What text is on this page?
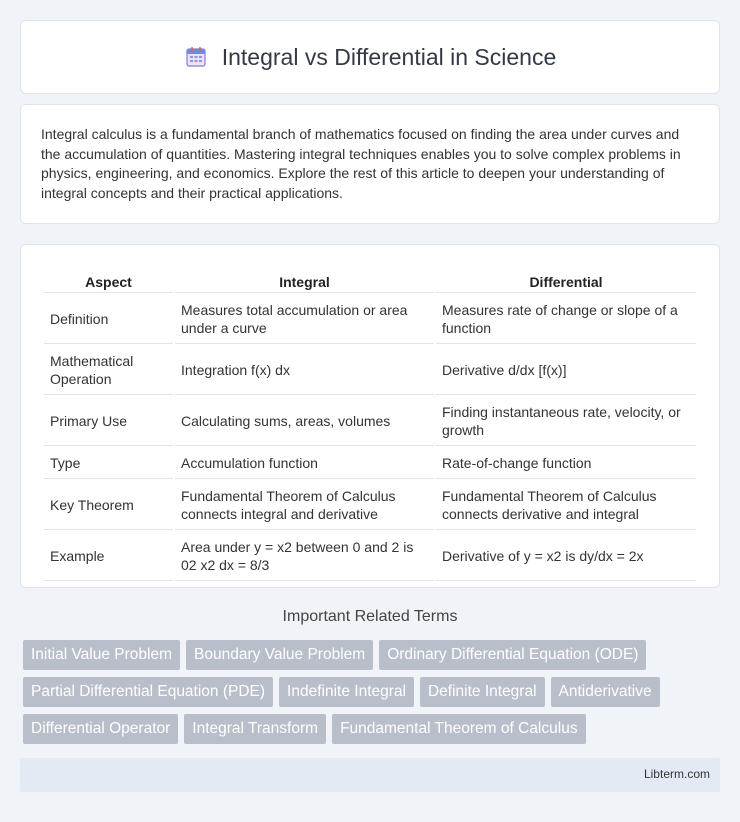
Integral vs Differential in Science

Integral calculus is a fundamental branch of mathematics focused on finding the area under curves and the accumulation of quantities. Mastering integral techniques enables you to solve complex problems in physics, engineering, and economics. Explore the rest of this article to deepen your understanding of integral concepts and their practical applications.

Aspect	Integral	Differential
Definition	Measures total accumulation or area under a curve	Measures rate of change or slope of a function
Mathematical Operation	Integration f(x) dx	Derivative d/dx [f(x)]
Primary Use	Calculating sums, areas, volumes	Finding instantaneous rate, velocity, or growth
Type	Accumulation function	Rate-of-change function
Key Theorem	Fundamental Theorem of Calculus connects integral and derivative	Fundamental Theorem of Calculus connects derivative and integral
Example	Area under y = x2 between 0 and 2 is 02 x2 dx = 8/3	Derivative of y = x2 is dy/dx = 2x
Important Related Terms
Initial Value Problem	Boundary Value Problem	Ordinary Differential Equation (ODE)
Partial Differential Equation (PDE)	Indefinite Integral	Definite Integral	Antiderivative
Differential Operator	Integral Transform	Fundamental Theorem of Calculus
Libterm.com
